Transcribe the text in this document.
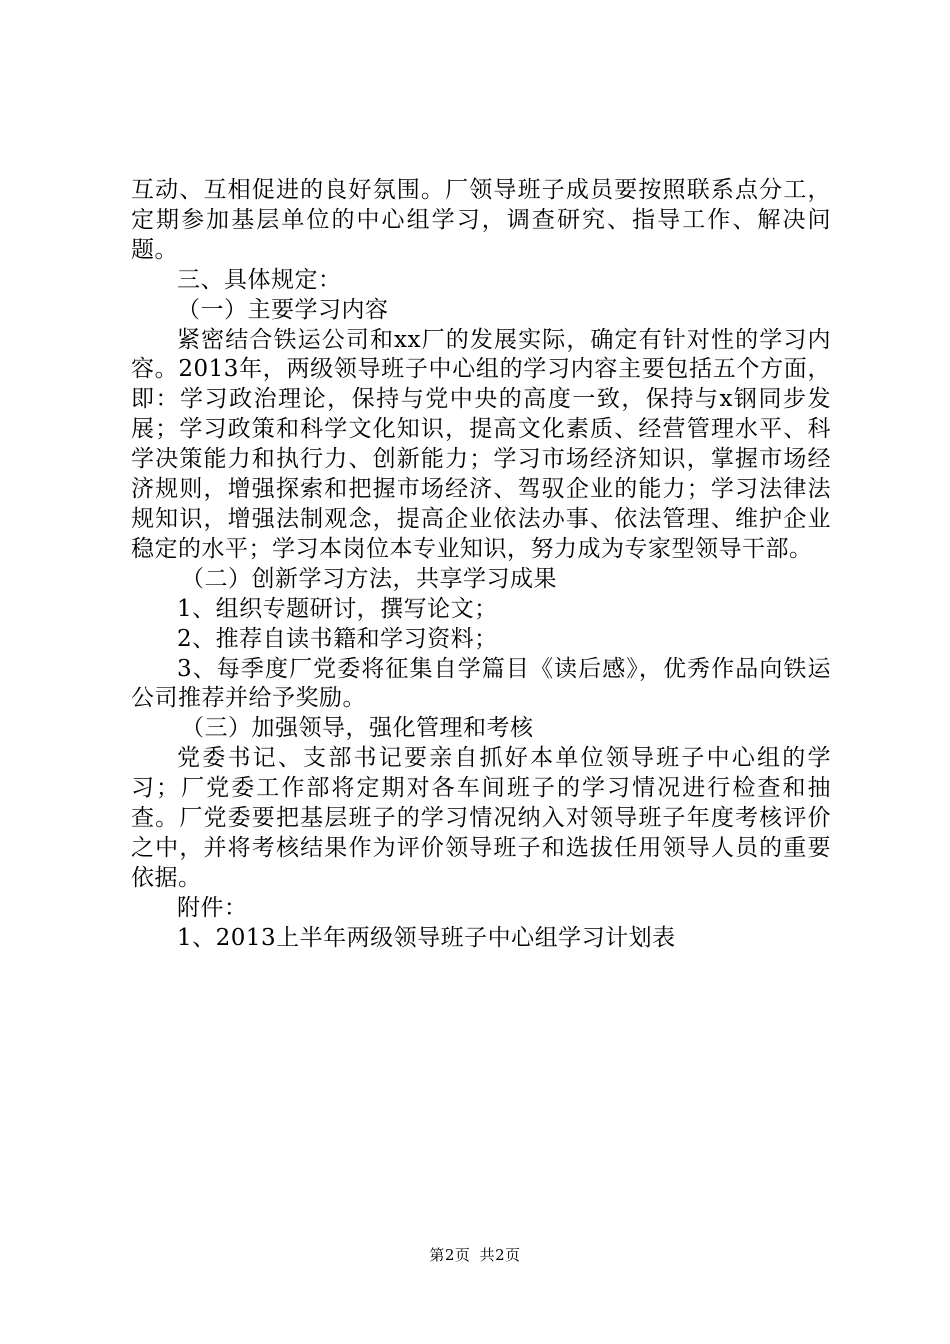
互动、互相促进的良好氛围。厂领导班子成员要按照联系点分工，定期参加基层单位的中心组学习，调查研究、指导工作、解决问题。

三、具体规定：

（一）主要学习内容

紧密结合铁运公司和xx厂的发展实际，确定有针对性的学习内容。2013年，两级领导班子中心组的学习内容主要包括五个方面，即：学习政治理论，保持与党中央的高度一致，保持与x钢同步发展；学习政策和科学文化知识，提高文化素质、经营管理水平、科学决策能力和执行力、创新能力；学习市场经济知识，掌握市场经济规则，增强探索和把握市场经济、驾驭企业的能力；学习法律法规知识，增强法制观念，提高企业依法办事、依法管理、维护企业稳定的水平；学习本岗位本专业知识，努力成为专家型领导干部。

（二）创新学习方法，共享学习成果

1、组织专题研讨，撰写论文；

2、推荐自读书籍和学习资料；

3、每季度厂党委将征集自学篇目《读后感》，优秀作品向铁运公司推荐并给予奖励。

（三）加强领导，强化管理和考核

党委书记、支部书记要亲自抓好本单位领导班子中心组的学习；厂党委工作部将定期对各车间班子的学习情况进行检查和抽查。厂党委要把基层班子的学习情况纳入对领导班子年度考核评价之中，并将考核结果作为评价领导班子和选拔任用领导人员的重要依据。

附件：

1、2013上半年两级领导班子中心组学习计划表

第2页 共2页
